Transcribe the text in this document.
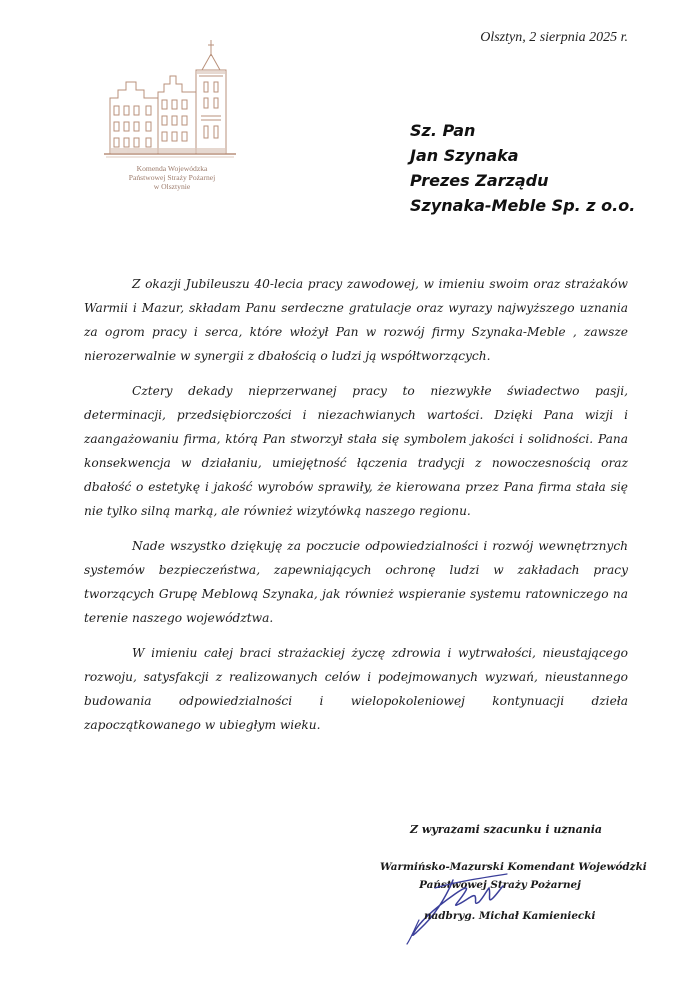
Olsztyn, 2 sierpnia 2025 r.
Komenda Wojewódzka
Państwowej Straży Pożarnej
w Olsztynie
Sz. Pan
Jan Szynaka
Prezes Zarządu
Szynaka-Meble Sp. z o.o.

Z okazji Jubileuszu 40-lecia pracy zawodowej, w imieniu swoim oraz strażaków Warmii i Mazur, składam Panu serdeczne gratulacje oraz wyrazy najwyższego uznania za ogrom pracy i serca, które włożył Pan w rozwój firmy Szynaka-Meble , zawsze nierozerwalnie w synergii z dbałością o ludzi ją współtworzących.

Cztery dekady nieprzerwanej pracy to niezwykłe świadectwo pasji, determinacji, przedsiębiorczości i niezachwianych wartości. Dzięki Pana wizji i zaangażowaniu firma, którą Pan stworzył stała się symbolem jakości i solidności. Pana konsekwencja w działaniu, umiejętność łączenia tradycji z nowoczesnością oraz dbałość o estetykę i jakość wyrobów sprawiły, że kierowana przez Pana firma stała się nie tylko silną marką, ale również wizytówką naszego regionu.

Nade wszystko dziękuję za poczucie odpowiedzialności i rozwój wewnętrznych systemów bezpieczeństwa, zapewniających ochronę ludzi w zakładach pracy tworzących Grupę Meblową Szynaka, jak również wspieranie systemu ratowniczego na terenie naszego województwa.

W imieniu całej braci strażackiej życzę zdrowia i wytrwałości, nieustającego rozwoju, satysfakcji z realizowanych celów i podejmowanych wyzwań, nieustannego budowania odpowiedzialności i wielopokoleniowej kontynuacji dzieła zapoczątkowanego w ubiegłym wieku.

Z wyrazami szacunku i uznania
Warmińsko-Mazurski Komendant Wojewódzki
Państwowej Straży Pożarnej
nadbryg. Michał Kamieniecki
